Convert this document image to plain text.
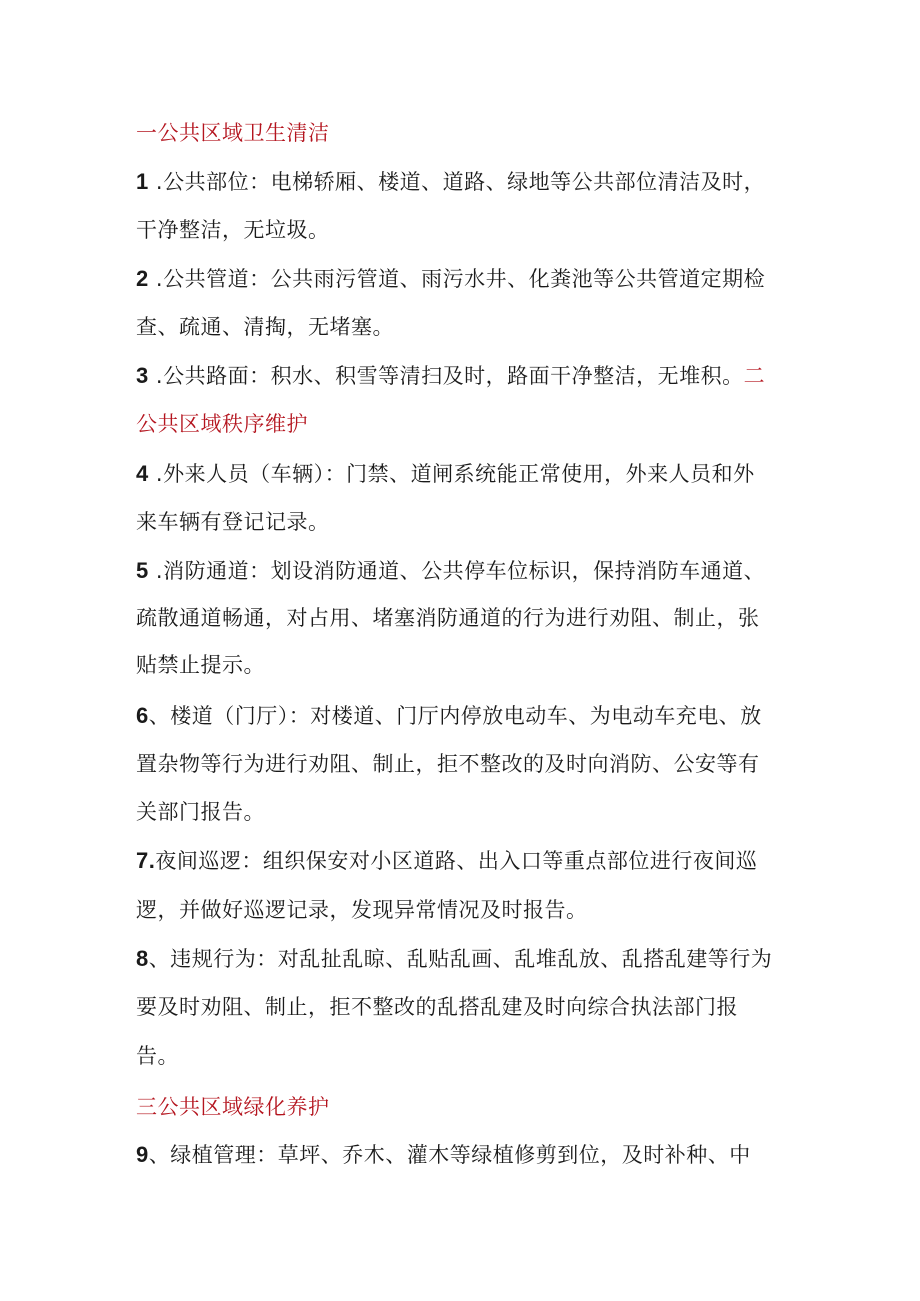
一公共区域卫生清洁
1 .公共部位：电梯轿厢、楼道、道路、绿地等公共部位清洁及时，
干净整洁，无垃圾。
2 .公共管道：公共雨污管道、雨污水井、化粪池等公共管道定期检
查、疏通、清掏，无堵塞。
3 .公共路面：积水、积雪等清扫及时，路面干净整洁，无堆积。二
公共区域秩序维护
4 .外来人员（车辆）：门禁、道闸系统能正常使用，外来人员和外
来车辆有登记记录。
5 .消防通道：划设消防通道、公共停车位标识，保持消防车通道、
疏散通道畅通，对占用、堵塞消防通道的行为进行劝阻、制止，张
贴禁止提示。
6、楼道（门厅）：对楼道、门厅内停放电动车、为电动车充电、放
置杂物等行为进行劝阻、制止，拒不整改的及时向消防、公安等有
关部门报告。
7.夜间巡逻：组织保安对小区道路、出入口等重点部位进行夜间巡
逻，并做好巡逻记录，发现异常情况及时报告。
8、违规行为：对乱扯乱晾、乱贴乱画、乱堆乱放、乱搭乱建等行为
要及时劝阻、制止，拒不整改的乱搭乱建及时向综合执法部门报
告。
三公共区域绿化养护
9、绿植管理：草坪、乔木、灌木等绿植修剪到位，及时补种、中
